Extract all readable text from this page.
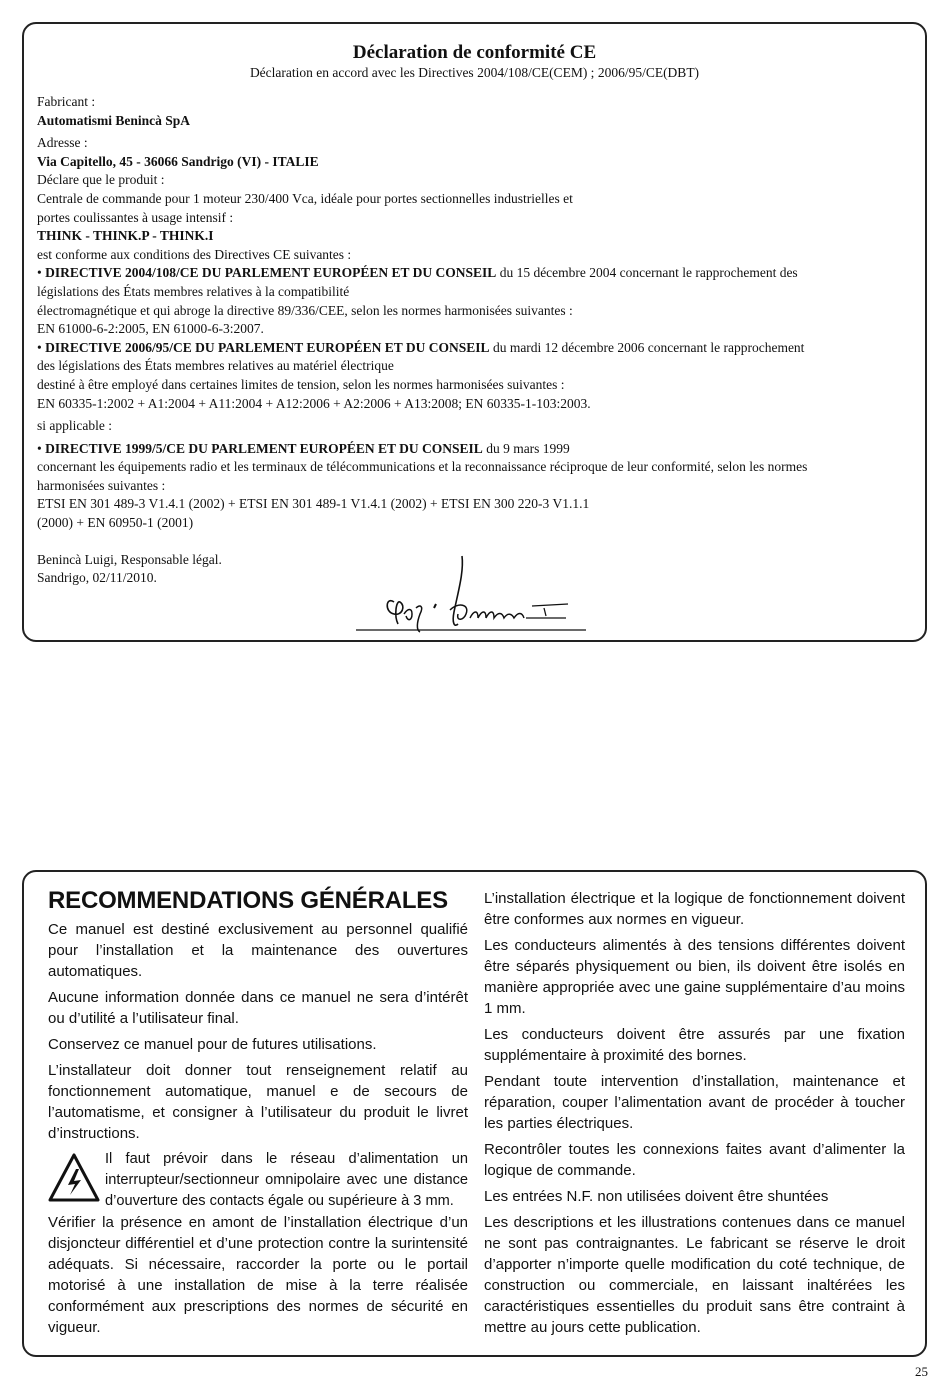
Déclaration de conformité CE
Déclaration en accord avec les Directives 2004/108/CE(CEM) ; 2006/95/CE(DBT)

Fabricant :

Automatismi Benincà SpA

Adresse :

Via Capitello, 45 - 36066 Sandrigo (VI) - ITALIE

Déclare que le produit :

Centrale de commande pour 1 moteur 230/400 Vca, idéale pour portes sectionnelles industrielles et

portes coulissantes à usage intensif :

THINK - THINK.P - THINK.I

est conforme aux conditions des Directives CE suivantes :

• DIRECTIVE 2004/108/CE DU PARLEMENT EUROPÉEN ET DU CONSEIL du 15 décembre 2004 concernant le rapprochement des

législations des États membres relatives à la compatibilité

électromagnétique et qui abroge la directive 89/336/CEE, selon les normes harmonisées suivantes :

EN 61000-6-2:2005, EN 61000-6-3:2007.

• DIRECTIVE 2006/95/CE DU PARLEMENT EUROPÉEN ET DU CONSEIL du mardi 12 décembre 2006 concernant le rapprochement

des législations des États membres relatives au matériel électrique

destiné à être employé dans certaines limites de tension, selon les normes harmonisées suivantes :

EN 60335-1:2002 + A1:2004 + A11:2004 + A12:2006 + A2:2006 + A13:2008; EN 60335-1-103:2003.

si applicable :

• DIRECTIVE 1999/5/CE DU PARLEMENT EUROPÉEN ET DU CONSEIL du 9 mars 1999

concernant les équipements radio et les terminaux de télécommunications et la reconnaissance réciproque de leur conformité, selon les normes

harmonisées suivantes :

ETSI EN 301 489-3 V1.4.1 (2002) + ETSI EN 301 489-1 V1.4.1 (2002) + ETSI EN 300 220-3 V1.1.1

(2000) + EN 60950-1 (2001)

Benincà Luigi, Responsable légal.

Sandrigo, 02/11/2010.

RECOMMENDATIONS GÉNÉRALES

Ce manuel est destiné exclusivement au personnel qualifié pour l’installation et la maintenance des ouvertures automatiques.

Aucune information donnée dans ce manuel ne sera d’intérêt ou d’utilité a l’utilisateur final.

Conservez ce manuel pour de futures utilisations.

L’installateur doit donner tout renseignement relatif au fonctionnement automatique, manuel e de secours de l’automatisme, et consigner à l’utilisateur du produit le livret d’instructions.

Il faut prévoir dans le réseau d’alimentation un interrupteur/sectionneur omnipolaire avec une distance d’ouverture des contacts égale ou supérieure à 3 mm.

Vérifier la présence en amont de l’installation électrique d’un disjoncteur différentiel et d’une protection contre la surintensité adéquats. Si nécessaire, raccorder la porte ou le portail motorisé à une installation de mise à la terre réalisée conformément aux prescriptions des normes de sécurité en vigueur.

L’installation électrique et la logique de fonctionnement doivent être conformes aux normes en vigueur.

Les conducteurs alimentés à des tensions différentes doivent être séparés physiquement ou bien, ils doivent être isolés en manière appropriée avec une gaine supplémentaire d’au moins 1 mm.

Les conducteurs doivent être assurés par une fixation supplémentaire à proximité des bornes.

Pendant toute intervention d’installation, maintenance et réparation, couper l’alimentation avant de procéder à toucher les parties électriques.

Recontrôler toutes les connexions faites avant d’alimenter la logique de commande.

Les entrées N.F. non utilisées doivent être shuntées

Les descriptions et les illustrations contenues dans ce manuel ne sont pas contraignantes. Le fabricant se réserve le droit d’apporter n’importe quelle modification du coté technique, de construction ou commerciale, en laissant inaltérées les caractéristiques essentielles du produit sans être contraint à mettre au jours cette publication.

25
